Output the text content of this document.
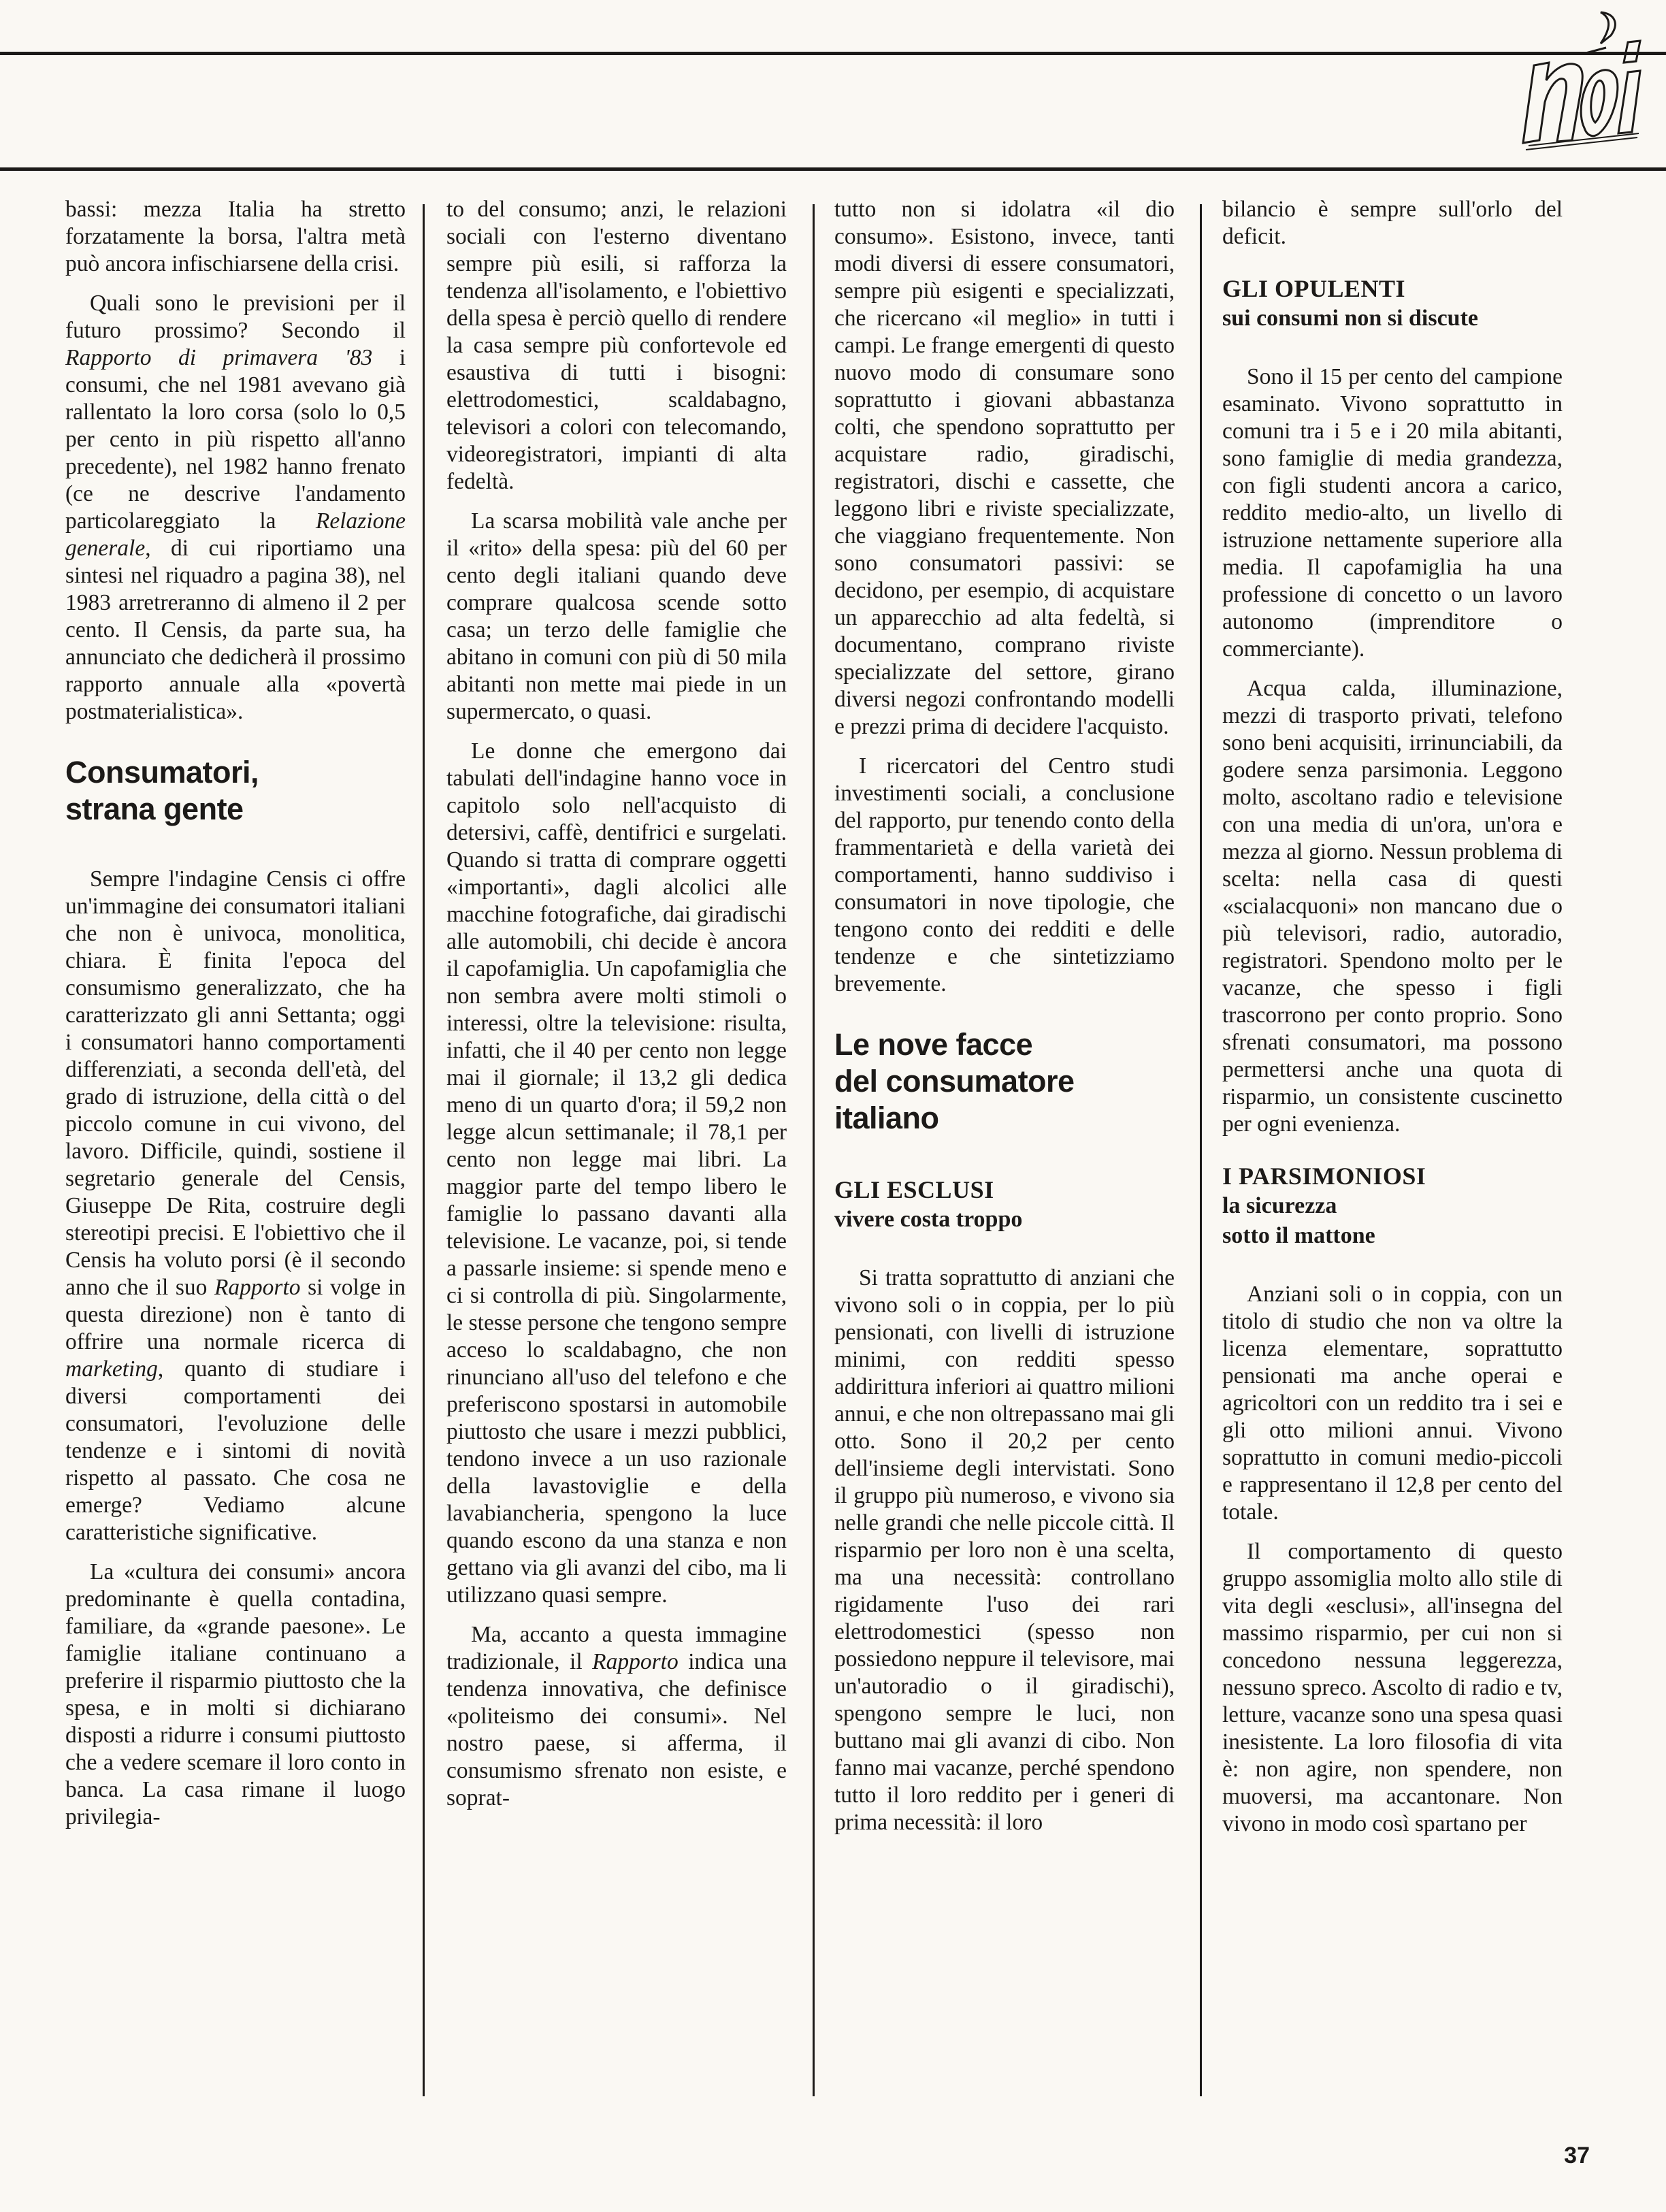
noi

bassi: mezza Italia ha stretto forzatamente la borsa, l'altra metà può ancora infischiarsene della crisi.

Quali sono le previsioni per il futuro prossimo? Secondo il Rapporto di primavera '83 i consumi, che nel 1981 avevano già rallentato la loro corsa (solo lo 0,5 per cento in più rispetto all'anno precedente), nel 1982 hanno frenato (ce ne descrive l'andamento particolareggiato la Relazione generale, di cui riportiamo una sintesi nel riquadro a pagina 38), nel 1983 arretreranno di almeno il 2 per cento. Il Censis, da parte sua, ha annunciato che dedicherà il prossimo rapporto annuale alla «povertà postmaterialistica».

Consumatori,
strana gente

Sempre l'indagine Censis ci offre un'immagine dei consumatori italiani che non è univoca, monolitica, chiara. È finita l'epoca del consumismo generalizzato, che ha caratterizzato gli anni Settanta; oggi i consumatori hanno comportamenti differenziati, a seconda dell'età, del grado di istruzione, della città o del piccolo comune in cui vivono, del lavoro. Difficile, quindi, sostiene il segretario generale del Censis, Giuseppe De Rita, costruire degli stereotipi precisi. E l'obiettivo che il Censis ha voluto porsi (è il secondo anno che il suo Rapporto si volge in questa direzione) non è tanto di offrire una normale ricerca di marketing, quanto di studiare i diversi comportamenti dei consumatori, l'evoluzione delle tendenze e i sintomi di novità rispetto al passato. Che cosa ne emerge? Vediamo alcune caratteristiche significative.

La «cultura dei consumi» ancora predominante è quella contadina, familiare, da «grande paesone». Le famiglie italiane continuano a preferire il risparmio piuttosto che la spesa, e in molti si dichiarano disposti a ridurre i consumi piuttosto che a vedere scemare il loro conto in banca. La casa rimane il luogo privilegia-

to del consumo; anzi, le relazioni sociali con l'esterno diventano sempre più esili, si rafforza la tendenza all'isolamento, e l'obiettivo della spesa è perciò quello di rendere la casa sempre più confortevole ed esaustiva di tutti i bisogni: elettrodomestici, scaldabagno, televisori a colori con telecomando, videoregistratori, impianti di alta fedeltà.

La scarsa mobilità vale anche per il «rito» della spesa: più del 60 per cento degli italiani quando deve comprare qualcosa scende sotto casa; un terzo delle famiglie che abitano in comuni con più di 50 mila abitanti non mette mai piede in un supermercato, o quasi.

Le donne che emergono dai tabulati dell'indagine hanno voce in capitolo solo nell'acquisto di detersivi, caffè, dentifrici e surgelati. Quando si tratta di comprare oggetti «importanti», dagli alcolici alle macchine fotografiche, dai giradischi alle automobili, chi decide è ancora il capofamiglia. Un capofamiglia che non sembra avere molti stimoli o interessi, oltre la televisione: risulta, infatti, che il 40 per cento non legge mai il giornale; il 13,2 gli dedica meno di un quarto d'ora; il 59,2 non legge alcun settimanale; il 78,1 per cento non legge mai libri. La maggior parte del tempo libero le famiglie lo passano davanti alla televisione. Le vacanze, poi, si tende a passarle insieme: si spende meno e ci si controlla di più. Singolarmente, le stesse persone che tengono sempre acceso lo scaldabagno, che non rinunciano all'uso del telefono e che preferiscono spostarsi in automobile piuttosto che usare i mezzi pubblici, tendono invece a un uso razionale della lavastoviglie e della lavabiancheria, spengono la luce quando escono da una stanza e non gettano via gli avanzi del cibo, ma li utilizzano quasi sempre.

Ma, accanto a questa immagine tradizionale, il Rapporto indica una tendenza innovativa, che definisce «politeismo dei consumi». Nel nostro paese, si afferma, il consumismo sfrenato non esiste, e soprat-

tutto non si idolatra «il dio consumo». Esistono, invece, tanti modi diversi di essere consumatori, sempre più esigenti e specializzati, che ricercano «il meglio» in tutti i campi. Le frange emergenti di questo nuovo modo di consumare sono soprattutto i giovani abbastanza colti, che spendono soprattutto per acquistare radio, giradischi, registratori, dischi e cassette, che leggono libri e riviste specializzate, che viaggiano frequentemente. Non sono consumatori passivi: se decidono, per esempio, di acquistare un apparecchio ad alta fedeltà, si documentano, comprano riviste specializzate del settore, girano diversi negozi confrontando modelli e prezzi prima di decidere l'acquisto.

I ricercatori del Centro studi investimenti sociali, a conclusione del rapporto, pur tenendo conto della frammentarietà e della varietà dei comportamenti, hanno suddiviso i consumatori in nove tipologie, che tengono conto dei redditi e delle tendenze e che sintetizziamo brevemente.

Le nove facce
del consumatore
italiano
GLI ESCLUSI
vivere costa troppo

Si tratta soprattutto di anziani che vivono soli o in coppia, per lo più pensionati, con livelli di istruzione minimi, con redditi spesso addirittura inferiori ai quattro milioni annui, e che non oltrepassano mai gli otto. Sono il 20,2 per cento dell'insieme degli intervistati. Sono il gruppo più numeroso, e vivono sia nelle grandi che nelle piccole città. Il risparmio per loro non è una scelta, ma una necessità: controllano rigidamente l'uso dei rari elettrodomestici (spesso non possiedono neppure il televisore, mai un'autoradio o il giradischi), spengono sempre le luci, non buttano mai gli avanzi di cibo. Non fanno mai vacanze, perché spendono tutto il loro reddito per i generi di prima necessità: il loro

bilancio è sempre sull'orlo del deficit.

GLI OPULENTI
sui consumi non si discute

Sono il 15 per cento del campione esaminato. Vivono soprattutto in comuni tra i 5 e i 20 mila abitanti, sono famiglie di media grandezza, con figli studenti ancora a carico, reddito medio-alto, un livello di istruzione nettamente superiore alla media. Il capofamiglia ha una professione di concetto o un lavoro autonomo (imprenditore o commerciante).

Acqua calda, illuminazione, mezzi di trasporto privati, telefono sono beni acquisiti, irrinunciabili, da godere senza parsimonia. Leggono molto, ascoltano radio e televisione con una media di un'ora, un'ora e mezza al giorno. Nessun problema di scelta: nella casa di questi «scialacquoni» non mancano due o più televisori, radio, autoradio, registratori. Spendono molto per le vacanze, che spesso i figli trascorrono per conto proprio. Sono sfrenati consumatori, ma possono permettersi anche una quota di risparmio, un consistente cuscinetto per ogni evenienza.

I PARSIMONIOSI
la sicurezza
sotto il mattone

Anziani soli o in coppia, con un titolo di studio che non va oltre la licenza elementare, soprattutto pensionati ma anche operai e agricoltori con un reddito tra i sei e gli otto milioni annui. Vivono soprattutto in comuni medio-piccoli e rappresentano il 12,8 per cento del totale.

Il comportamento di questo gruppo assomiglia molto allo stile di vita degli «esclusi», all'insegna del massimo risparmio, per cui non si concedono nessuna leggerezza, nessuno spreco. Ascolto di radio e tv, letture, vacanze sono una spesa quasi inesistente. La loro filosofia di vita è: non agire, non spendere, non muoversi, ma accantonare. Non vivono in modo così spartano per

37
